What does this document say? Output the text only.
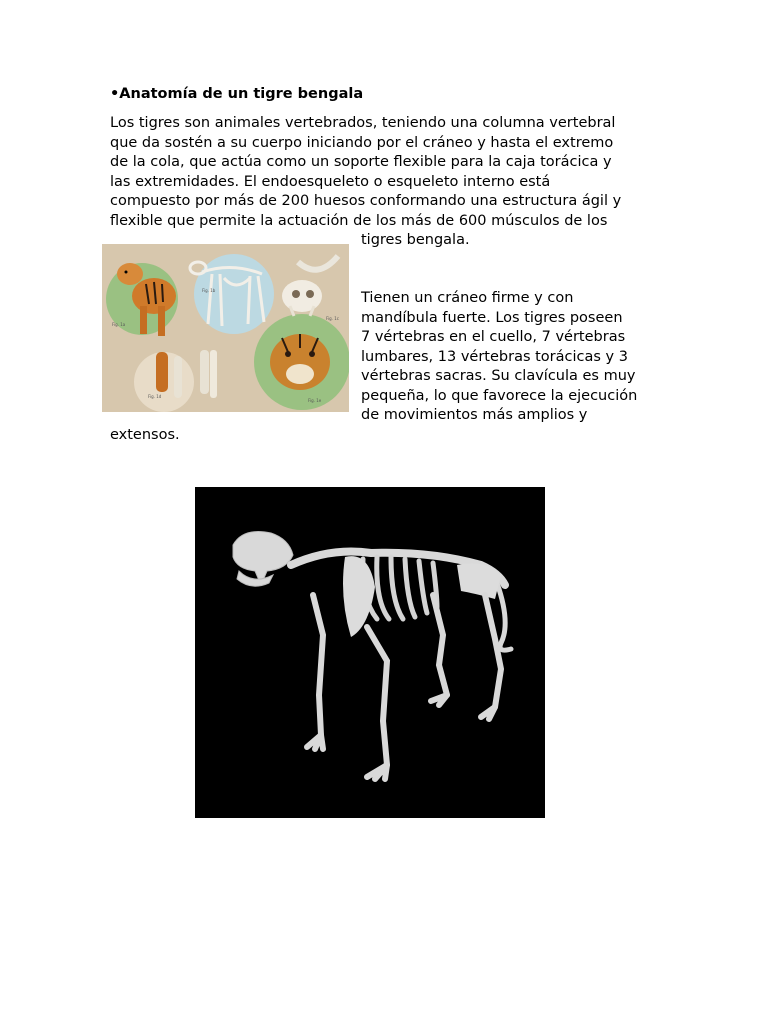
•Anatomía de un tigre bengala
Los tigres son animales vertebrados, teniendo una columna vertebral
que da sostén a su cuerpo iniciando por el cráneo y hasta el extremo
de la cola, que actúa como un soporte flexible para la caja torácica y
las extremidades. El endoesqueleto o esqueleto interno está
compuesto por más de 200 huesos conformando una estructura ágil y
flexible que permite la actuación de los más de 600 músculos de los
tigres bengala.
Tienen un cráneo firme y con
mandíbula fuerte. Los tigres poseen
7 vértebras en el cuello, 7 vértebras
lumbares, 13 vértebras torácicas y 3
vértebras sacras. Su clavícula es muy
pequeña, lo que favorece la ejecución
de movimientos más amplios y
extensos.
Fig. 1a
Fig. 1b
Fig. 1c
Fig. 1d
Fig. 1e
